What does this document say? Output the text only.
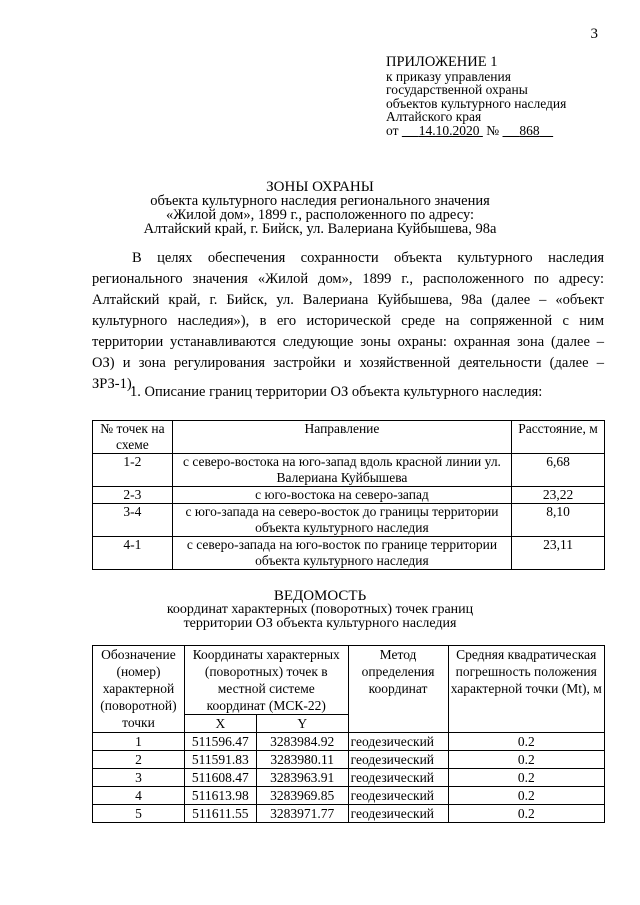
3
ПРИЛОЖЕНИЕ 1
к приказу управления
государственной охраны
объектов культурного наследия
Алтайского края
от 14.10.2020 № 868
ЗОНЫ ОХРАНЫ
объекта культурного наследия регионального значения
«Жилой дом», 1899 г., расположенного по адресу:
Алтайский край, г. Бийск, ул. Валериана Куйбышева, 98а

В целях обеспечения сохранности объекта культурного наследия регионального значения «Жилой дом», 1899 г., расположенного по адресу: Алтайский край, г. Бийск, ул. Валериана Куйбышева, 98а (далее – «объект культурного наследия»), в его исторической среде на сопряженной с ним территории устанавливаются следующие зоны охраны: охранная зона (далее – ОЗ) и зона регулирования застройки и хозяйственной деятельности (далее – ЗРЗ-1).

1. Описание границ территории ОЗ объекта культурного наследия:
№ точек на схеме	Направление	Расстояние, м
1-2	с северо-востока на юго-запад вдоль красной линии ул. Валериана Куйбышева	6,68
2-3	с юго-востока на северо-запад	23,22
3-4	с юго-запада на северо-восток до границы территории объекта культурного наследия	8,10
4-1	с северо-запада на юго-восток по границе территории объекта культурного наследия	23,11
ВЕДОМОСТЬ
координат характерных (поворотных) точек границ
территории ОЗ объекта культурного наследия
Обозначение (номер) характерной (поворотной) точки	Координаты характерных (поворотных) точек в местной системе координат (МСК-22)		Метод определения координат	Средняя квадратическая погрешность положения характерной точки (Mt), м
	X	Y		
1	511596.47	3283984.92	геодезический	0.2
2	511591.83	3283980.11	геодезический	0.2
3	511608.47	3283963.91	геодезический	0.2
4	511613.98	3283969.85	геодезический	0.2
5	511611.55	3283971.77	геодезический	0.2
